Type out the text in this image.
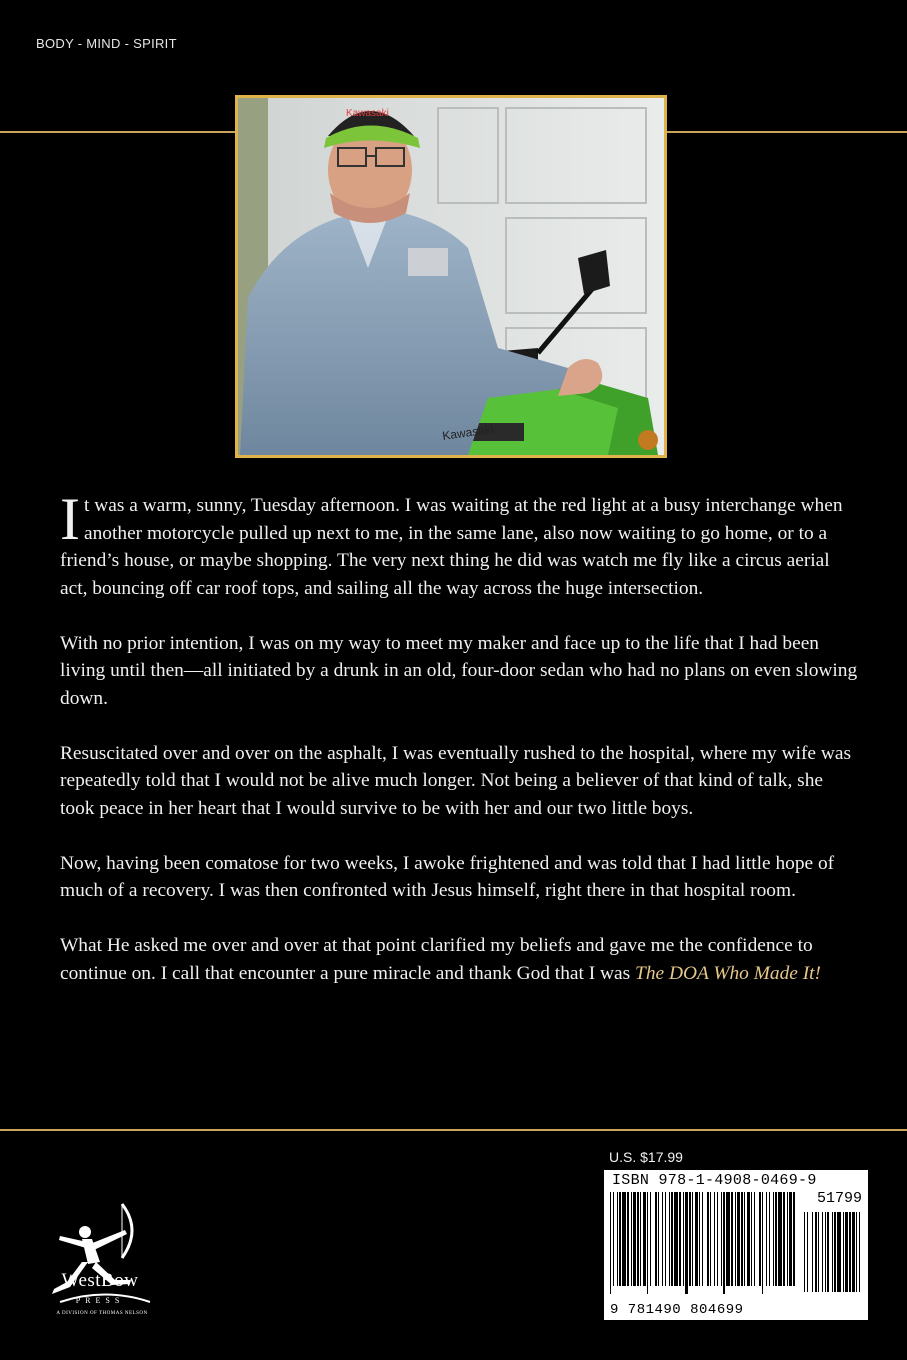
BODY - MIND - SPIRIT
Kawasaki
Kawasaki

It was a warm, sunny, Tuesday afternoon. I was waiting at the red light at a busy interchange when another motorcycle pulled up next to me, in the same lane, also now waiting to go home, or to a friend’s house, or maybe shopping. The very next thing he did was watch me fly like a circus aerial act, bouncing off car roof tops, and sailing all the way across the huge intersection.

With no prior intention, I was on my way to meet my maker and face up to the life that I had been living until then—all initiated by a drunk in an old, four-door sedan who had no plans on even slowing down.

Resuscitated over and over on the asphalt, I was eventually rushed to the hospital, where my wife was repeatedly told that I would not be alive much longer. Not being a believer of that kind of talk, she took peace in her heart that I would survive to be with her and our two little boys.

Now, having been comatose for two weeks, I awoke frightened and was told that I had little hope of much of a recovery. I was then confronted with Jesus himself, right there in that hospital room.

What He asked me over and over at that point clarified my beliefs and gave me the confidence to continue on. I call that encounter a pure miracle and thank God that I was The DOA Who Made It!

U.S. $17.99
ISBN 978-1-4908-0469-9
51799
9 781490 804699
WestBow
PRESS
A DIVISION OF THOMAS NELSON
